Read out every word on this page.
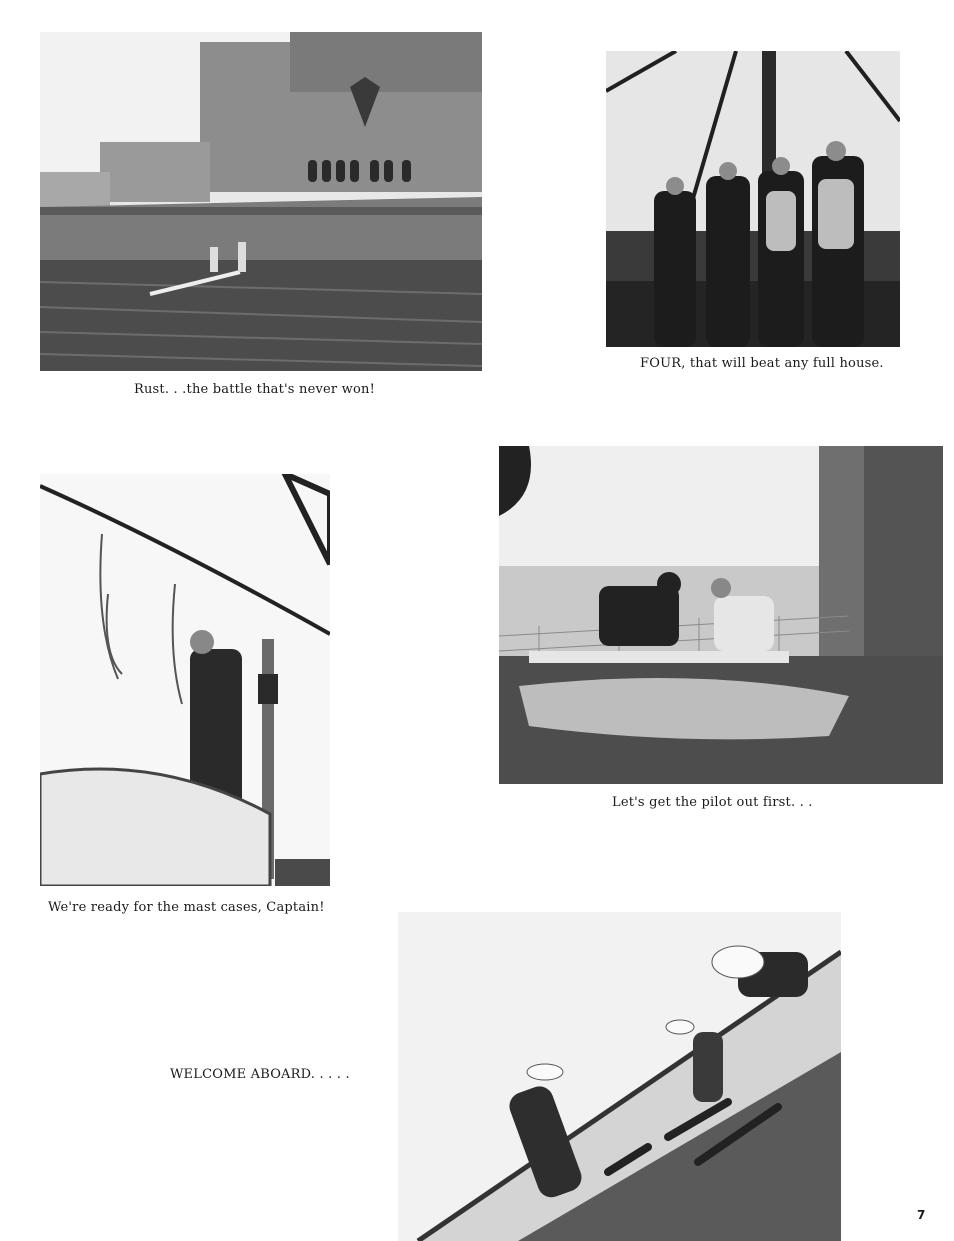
Rust. . .the battle that's never won!
FOUR, that will beat any full house.
We're ready for the mast cases, Captain!
Let's get the pilot out first. . .
WELCOME ABOARD. . . . .
7
